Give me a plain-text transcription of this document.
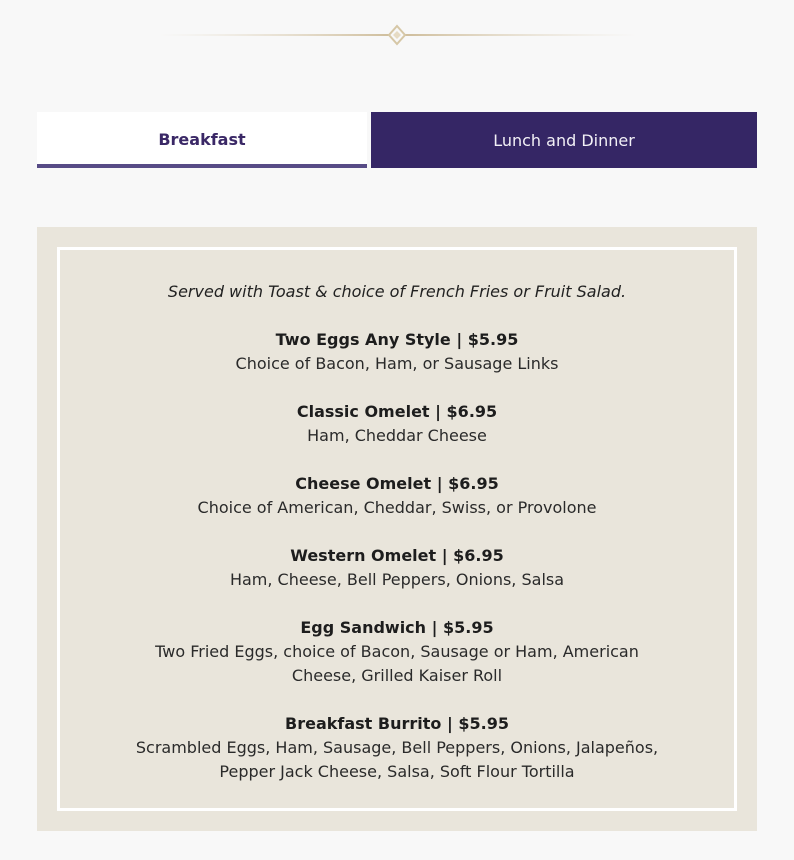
Breakfast	Lunch and Dinner

Served with Toast & choice of French Fries or Fruit Salad.

Two Eggs Any Style | $5.95
Choice of Bacon, Ham, or Sausage Links
Classic Omelet | $6.95
Ham, Cheddar Cheese
Cheese Omelet | $6.95
Choice of American, Cheddar, Swiss, or Provolone
Western Omelet | $6.95
Ham, Cheese, Bell Peppers, Onions, Salsa
Egg Sandwich | $5.95
Two Fried Eggs, choice of Bacon, Sausage or Ham, American Cheese, Grilled Kaiser Roll
Breakfast Burrito | $5.95
Scrambled Eggs, Ham, Sausage, Bell Peppers, Onions, Jalapeños, Pepper Jack Cheese, Salsa, Soft Flour Tortilla
